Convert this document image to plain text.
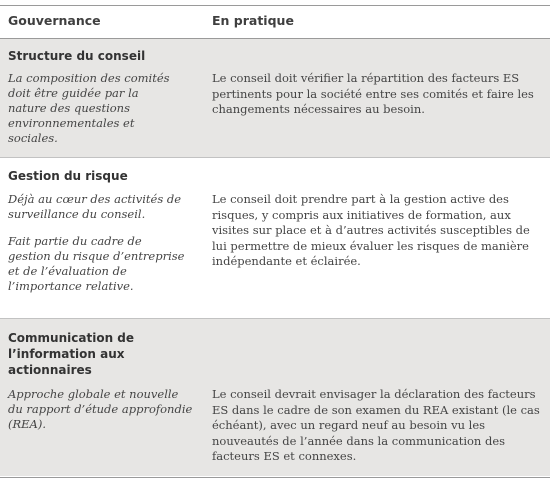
Gouvernance	En pratique
Structure du conseil
La composition des comités doit être guidée par la nature des questions environnementales et sociales.
Le conseil doit vérifier la répartition des facteurs ES pertinents pour la société entre ses comités et faire les changements nécessaires au besoin.
Gestion du risque
Déjà au cœur des activités de surveillance du conseil.
Fait partie du cadre de gestion du risque d’entreprise et de l’évaluation de l’importance relative.
Le conseil doit prendre part à la gestion active des risques, y compris aux initiatives de formation, aux visites sur place et à d’autres activités susceptibles de lui permettre de mieux évaluer les risques de manière indépendante et éclairée.
Communication de l’information aux actionnaires
Approche globale et nouvelle du rapport d’étude approfondie (REA).
Le conseil devrait envisager la déclaration des facteurs ES dans le cadre de son examen du REA existant (le cas échéant), avec un regard neuf au besoin vu les nouveautés de l’année dans la communication des facteurs ES et connexes.
